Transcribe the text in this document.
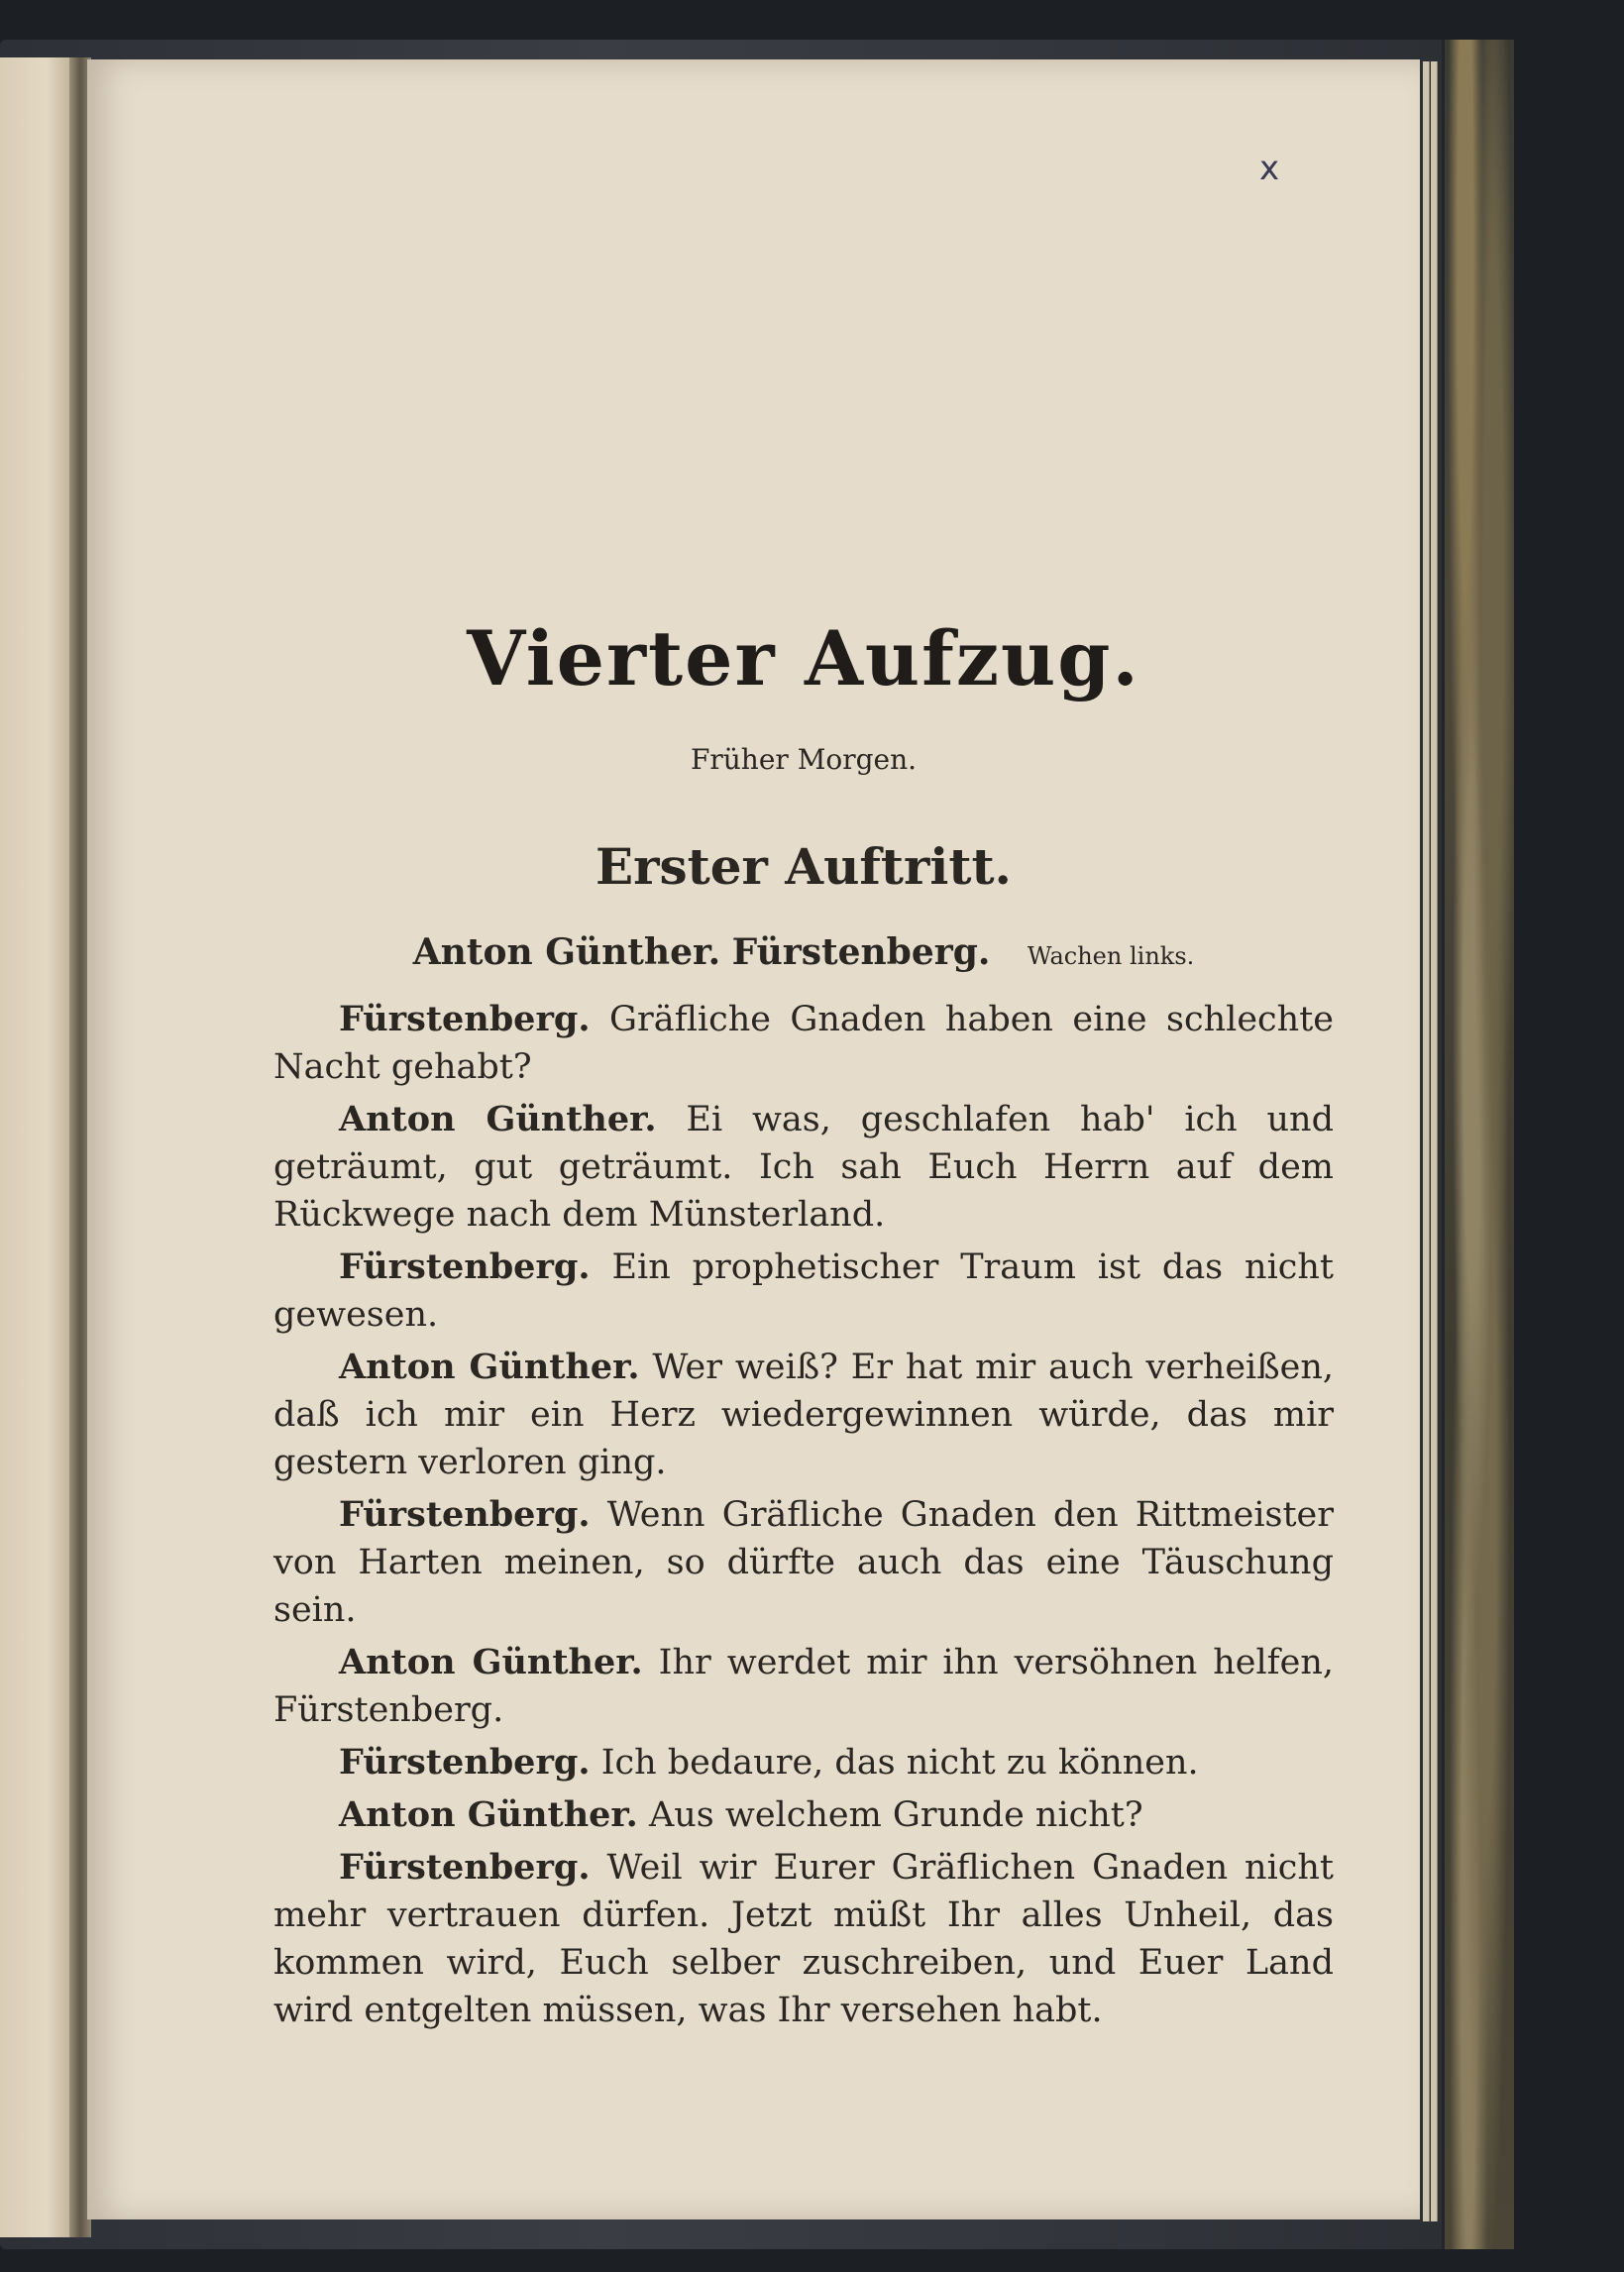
x
Vierter Aufzug.
Früher Morgen.
Erster Auftritt.
Anton Günther. Fürstenberg. Wachen links.

Fürstenberg. Gräfliche Gnaden haben eine schlechte Nacht gehabt?

Anton Günther. Ei was, geschlafen hab' ich und geträumt, gut geträumt. Ich sah Euch Herrn auf dem Rückwege nach dem Münsterland.

Fürstenberg. Ein prophetischer Traum ist das nicht gewesen.

Anton Günther. Wer weiß? Er hat mir auch verheißen, daß ich mir ein Herz wiedergewinnen würde, das mir gestern verloren ging.

Fürstenberg. Wenn Gräfliche Gnaden den Rittmeister von Harten meinen, so dürfte auch das eine Täuschung sein.

Anton Günther. Ihr werdet mir ihn versöhnen helfen, Fürstenberg.

Fürstenberg. Ich bedaure, das nicht zu können.

Anton Günther. Aus welchem Grunde nicht?

Fürstenberg. Weil wir Eurer Gräflichen Gnaden nicht mehr vertrauen dürfen. Jetzt müßt Ihr alles Unheil, das kommen wird, Euch selber zuschreiben, und Euer Land wird entgelten müssen, was Ihr versehen habt.
